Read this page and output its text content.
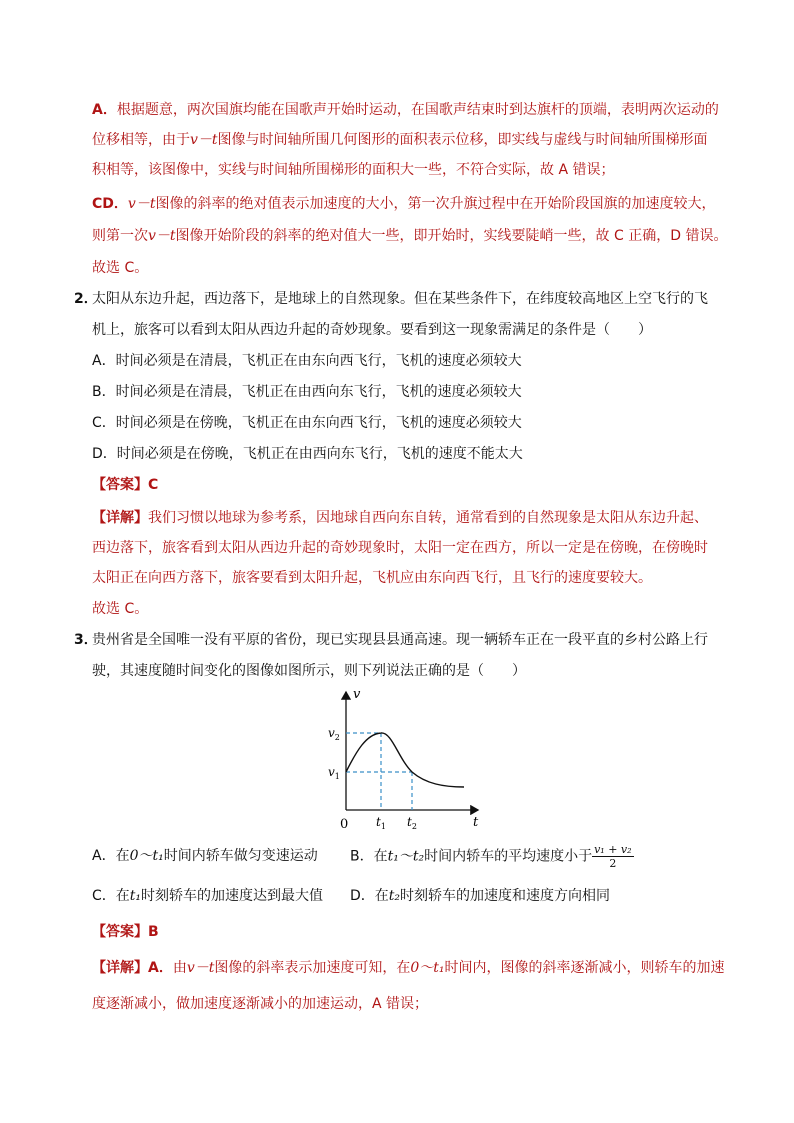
A．根据题意，两次国旗均能在国歌声开始时运动，在国歌声结束时到达旗杆的顶端，表明两次运动的
位移相等，由于v－t图像与时间轴所围几何图形的面积表示位移，即实线与虚线与时间轴所围梯形面
积相等，该图像中，实线与时间轴所围梯形的面积大一些，不符合实际，故 A 错误；
CD．v－t图像的斜率的绝对值表示加速度的大小，第一次升旗过程中在开始阶段国旗的加速度较大，
则第一次v－t图像开始阶段的斜率的绝对值大一些，即开始时，实线要陡峭一些，故 C 正确，D 错误。
故选 C。
2．
太阳从东边升起，西边落下，是地球上的自然现象。但在某些条件下，在纬度较高地区上空飞行的飞
机上，旅客可以看到太阳从西边升起的奇妙现象。要看到这一现象需满足的条件是（　　）
A．时间必须是在清晨，飞机正在由东向西飞行，飞机的速度必须较大
B．时间必须是在清晨，飞机正在由西向东飞行，飞机的速度必须较大
C．时间必须是在傍晚，飞机正在由东向西飞行，飞机的速度必须较大
D．时间必须是在傍晚，飞机正在由西向东飞行，飞机的速度不能太大
【答案】C
【详解】我们习惯以地球为参考系，因地球自西向东自转，通常看到的自然现象是太阳从东边升起、
西边落下，旅客看到太阳从西边升起的奇妙现象时，太阳一定在西方，所以一定是在傍晚，在傍晚时
太阳正在向西方落下，旅客要看到太阳升起，飞机应由东向西飞行，且飞行的速度要较大。
故选 C。
3．
贵州省是全国唯一没有平原的省份，现已实现县县通高速。现一辆轿车正在一段平直的乡村公路上行
驶，其速度随时间变化的图像如图所示，则下列说法正确的是（　　）
v
t
0
$v_2$
$v_1$
$t_1$ $t_2$
A．在0～t₁时间内轿车做匀变速运动 B．在t₁～t₂时间内轿车的平均速度小于 $\frac{\text{v₁ + v₂}}{2}$
C．在t₁时刻轿车的加速度达到最大值 D．在t₂时刻轿车的加速度和速度方向相同
【答案】B
【详解】A．由v－t图像的斜率表示加速度可知，在0～t₁时间内，图像的斜率逐渐减小，则轿车的加速
度逐渐减小，做加速度逐渐减小的加速运动，A 错误；
